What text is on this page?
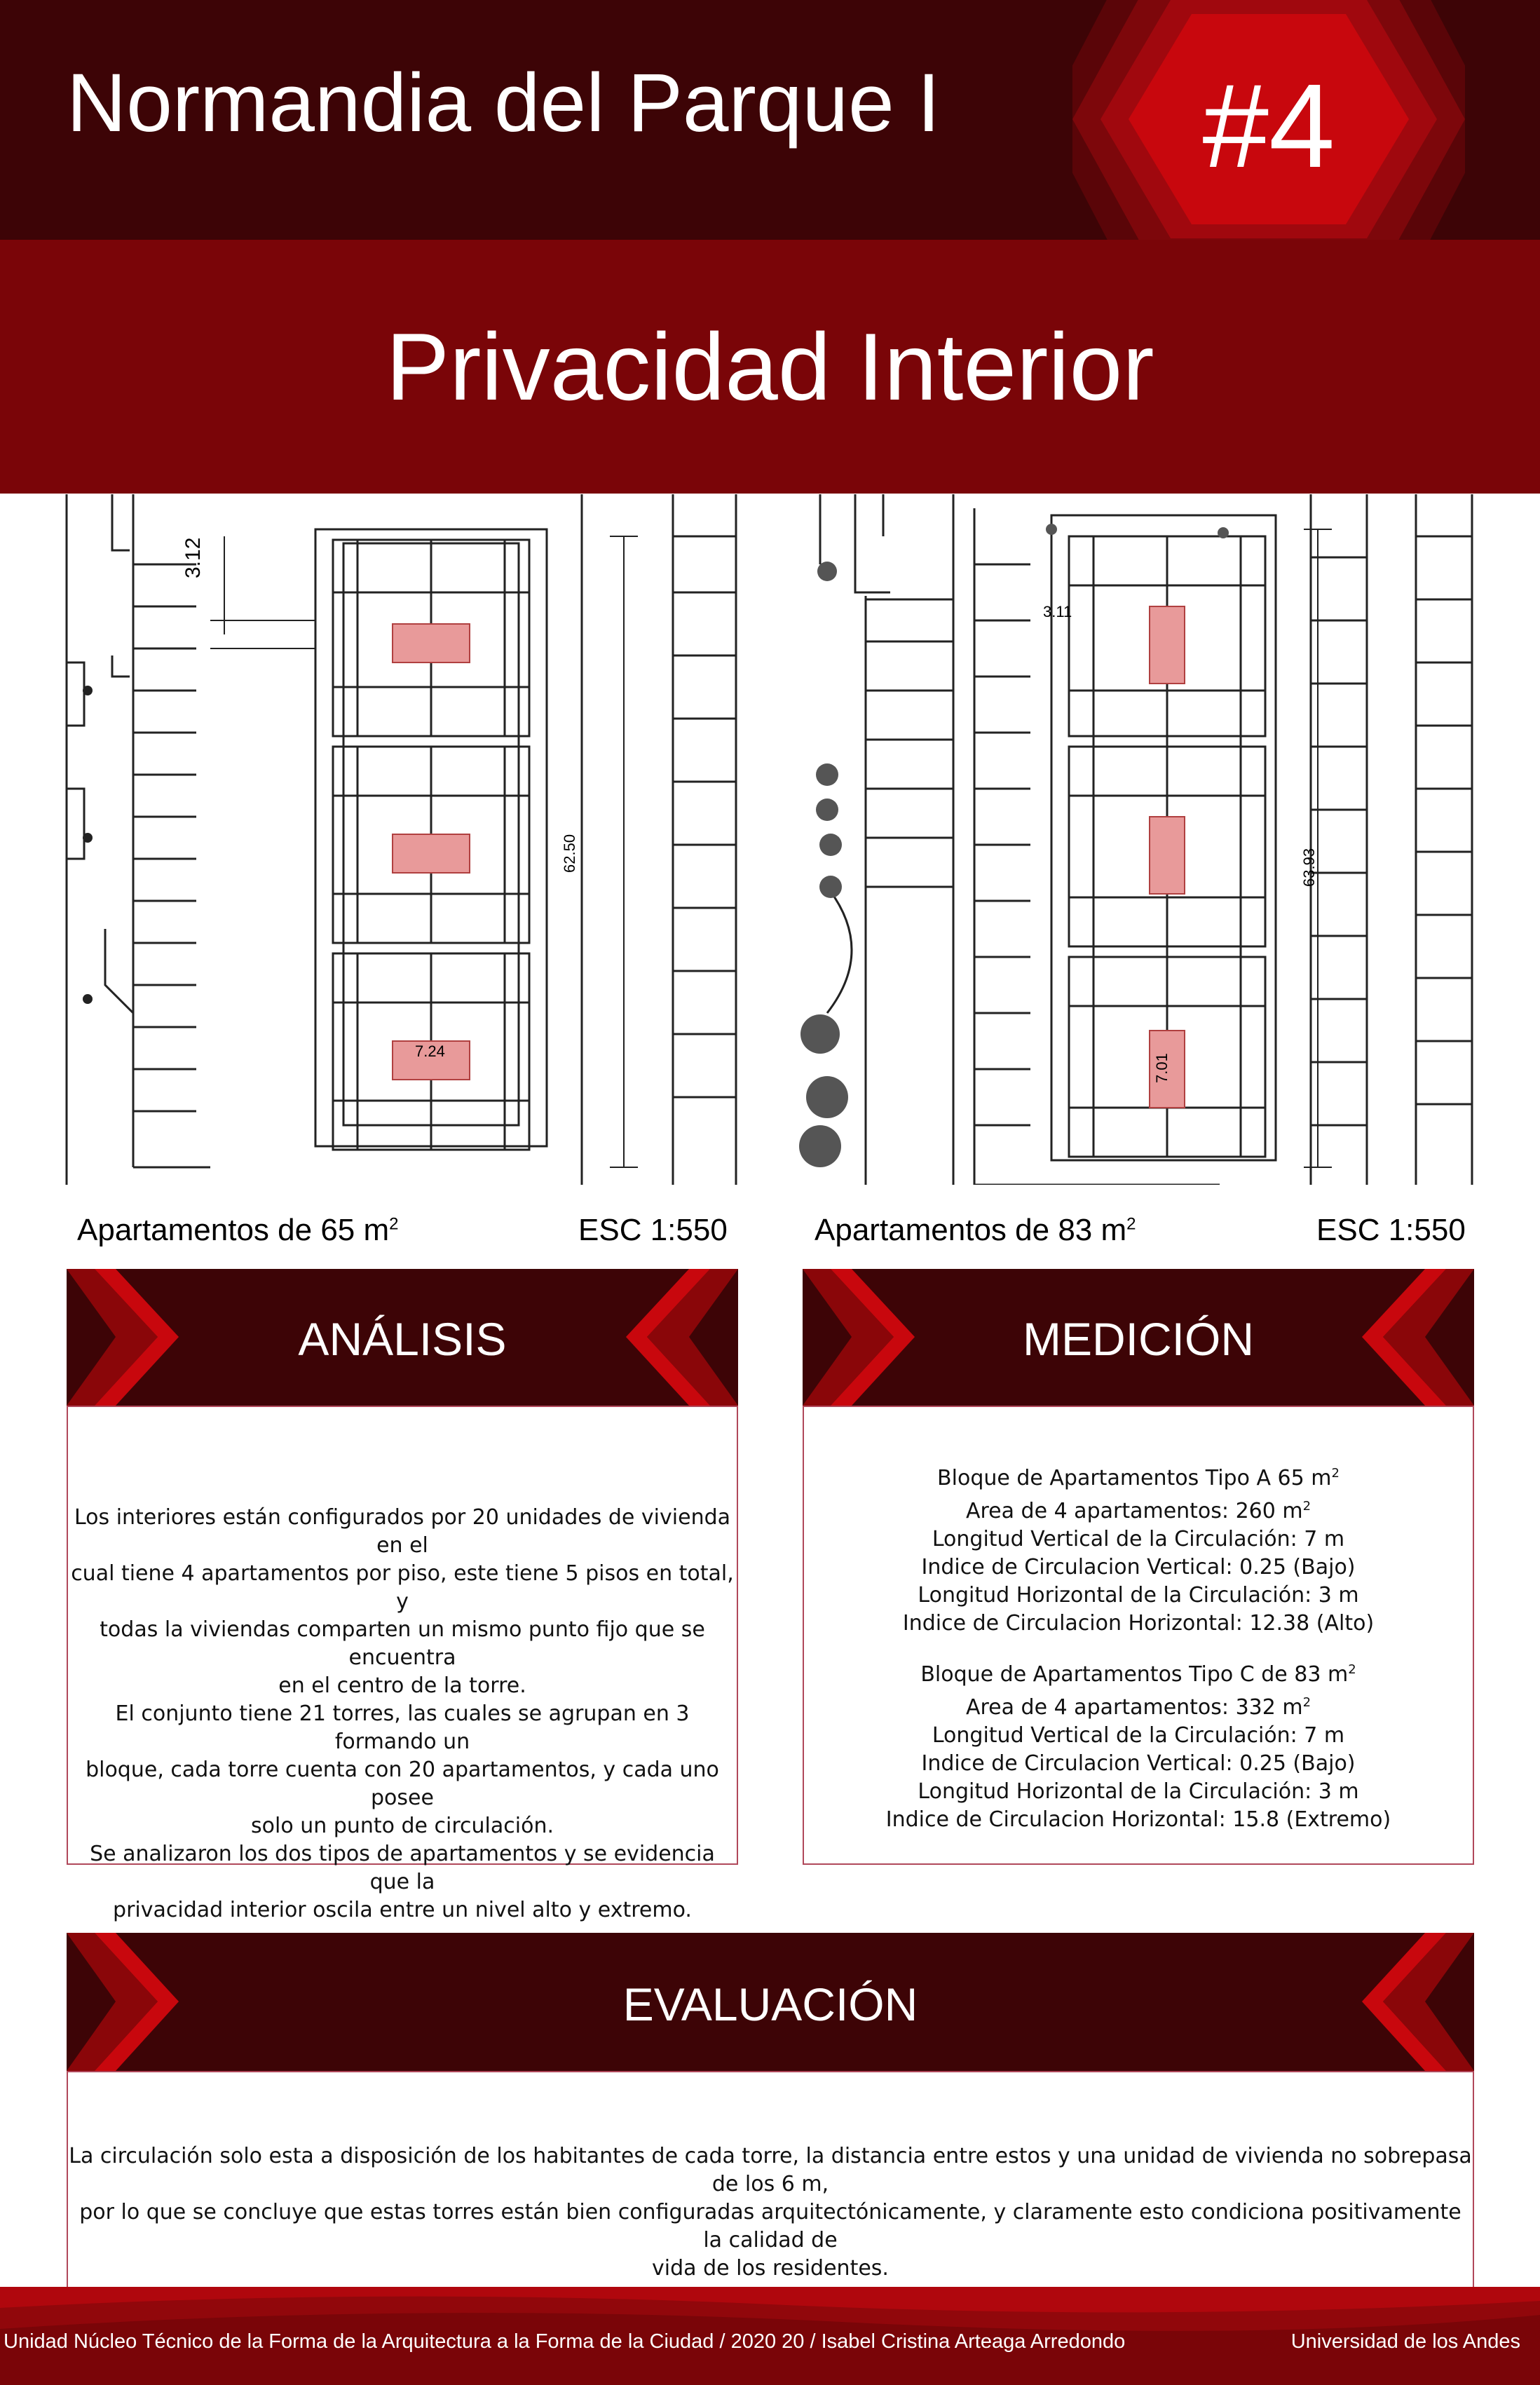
Normandia del Parque I	#4
Privacidad Interior
3.12
62.50
7.24
Apartamentos de 65 $m^2$	ESC 1:550
3.11
63.93
7.01
Apartamentos de 83 $m^2$	ESC 1:550
ANÁLISIS
Los interiores están configurados por 20 unidades de vivienda en el
cual tiene 4 apartamentos por piso, este tiene 5 pisos en total, y
todas la viviendas comparten un mismo punto fijo que se encuentra
en el centro de la torre.
El conjunto tiene 21 torres, las cuales se agrupan en 3 formando un
bloque, cada torre cuenta con 20 apartamentos, y cada uno posee
solo un punto de circulación.
Se analizaron los dos tipos de apartamentos y se evidencia que la
privacidad interior oscila entre un nivel alto y extremo.
MEDICIÓN
Bloque de Apartamentos Tipo A 65 $m^2$
Area de 4 apartamentos: 260 $m^2$
Longitud Vertical de la Circulación: 7 m
Indice de Circulacion Vertical: 0.25 (Bajo)
Longitud Horizontal de la Circulación: 3 m
Indice de Circulacion Horizontal: 12.38 (Alto)
Bloque de Apartamentos Tipo C de 83 $m^2$
Area de 4 apartamentos: 332 $m^2$
Longitud Vertical de la Circulación: 7 m
Indice de Circulacion Vertical: 0.25 (Bajo)
Longitud Horizontal de la Circulación: 3 m
Indice de Circulacion Horizontal: 15.8 (Extremo)
EVALUACIÓN
La circulación solo esta a disposición de los habitantes de cada torre, la distancia entre estos y una unidad de vivienda no sobrepasa de los 6 m,
por lo que se concluye que estas torres están bien configuradas arquitectónicamente, y claramente esto condiciona positivamente la calidad de
vida de los residentes.
Unidad Núcleo Técnico de la Forma de la Arquitectura a la Forma de la Ciudad / 2020 20 / Isabel Cristina Arteaga Arredondo	Universidad de los Andes
